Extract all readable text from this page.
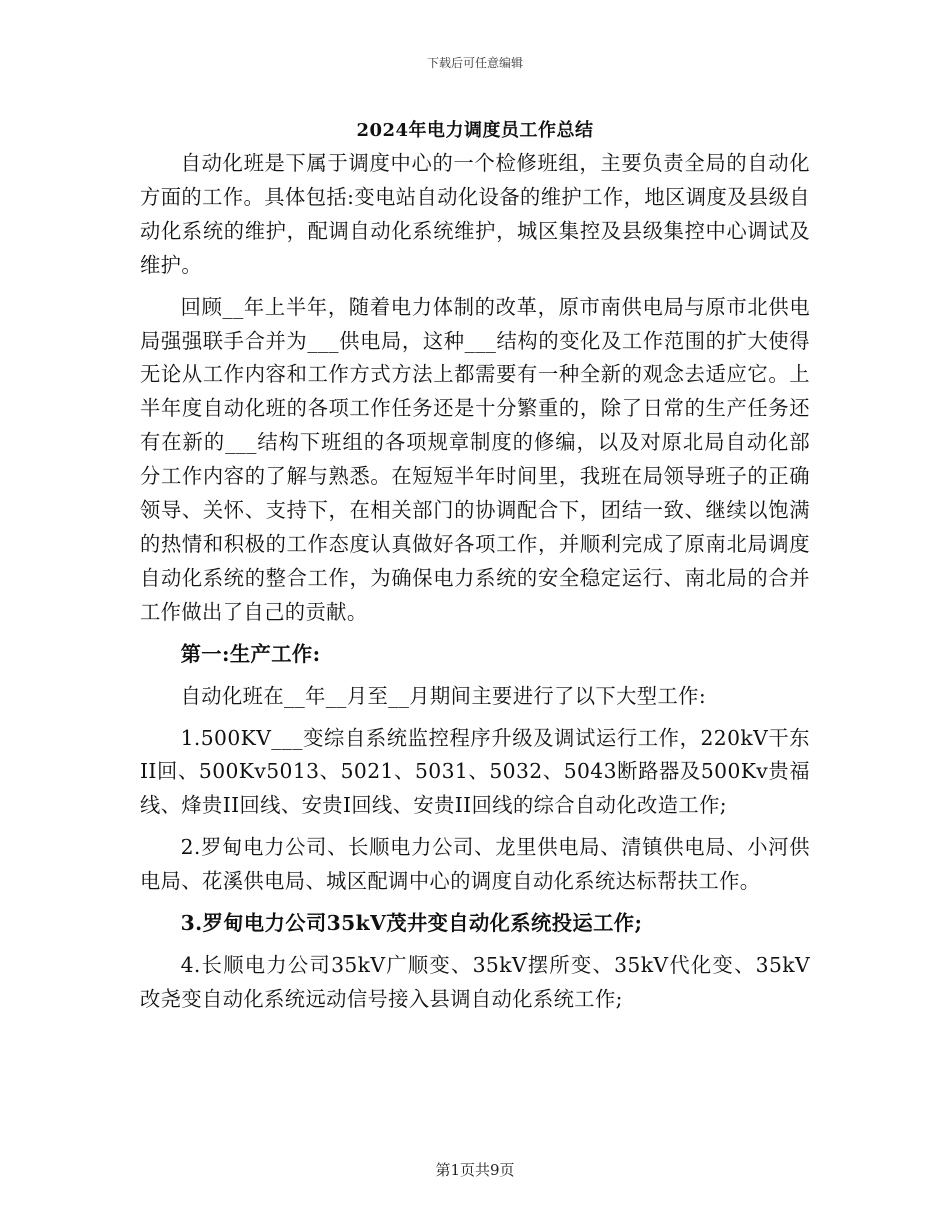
下载后可任意编辑
2024年电力调度员工作总结

自动化班是下属于调度中心的一个检修班组，主要负责全局的自动化方面的工作。具体包括:变电站自动化设备的维护工作，地区调度及县级自动化系统的维护，配调自动化系统维护，城区集控及县级集控中心调试及维护。

回顾__年上半年，随着电力体制的改革，原市南供电局与原市北供电局强强联手合并为___供电局，这种___结构的变化及工作范围的扩大使得无论从工作内容和工作方式方法上都需要有一种全新的观念去适应它。上半年度自动化班的各项工作任务还是十分繁重的，除了日常的生产任务还有在新的___结构下班组的各项规章制度的修编，以及对原北局自动化部分工作内容的了解与熟悉。在短短半年时间里，我班在局领导班子的正确领导、关怀、支持下，在相关部门的协调配合下，团结一致、继续以饱满的热情和积极的工作态度认真做好各项工作，并顺利完成了原南北局调度自动化系统的整合工作，为确保电力系统的安全稳定运行、南北局的合并工作做出了自己的贡献。

第一:生产工作:

自动化班在__年__月至__月期间主要进行了以下大型工作:

1.500KV___变综自系统监控程序升级及调试运行工作，220kV干东II回、500Kv5013、5021、5031、5032、5043断路器及500Kv贵福线、烽贵II回线、安贵I回线、安贵II回线的综合自动化改造工作;

2.罗甸电力公司、长顺电力公司、龙里供电局、清镇供电局、小河供电局、花溪供电局、城区配调中心的调度自动化系统达标帮扶工作。

3.罗甸电力公司35kV茂井变自动化系统投运工作;

4.长顺电力公司35kV广顺变、35kV摆所变、35kV代化变、35kV改尧变自动化系统远动信号接入县调自动化系统工作;

第1页共9页
